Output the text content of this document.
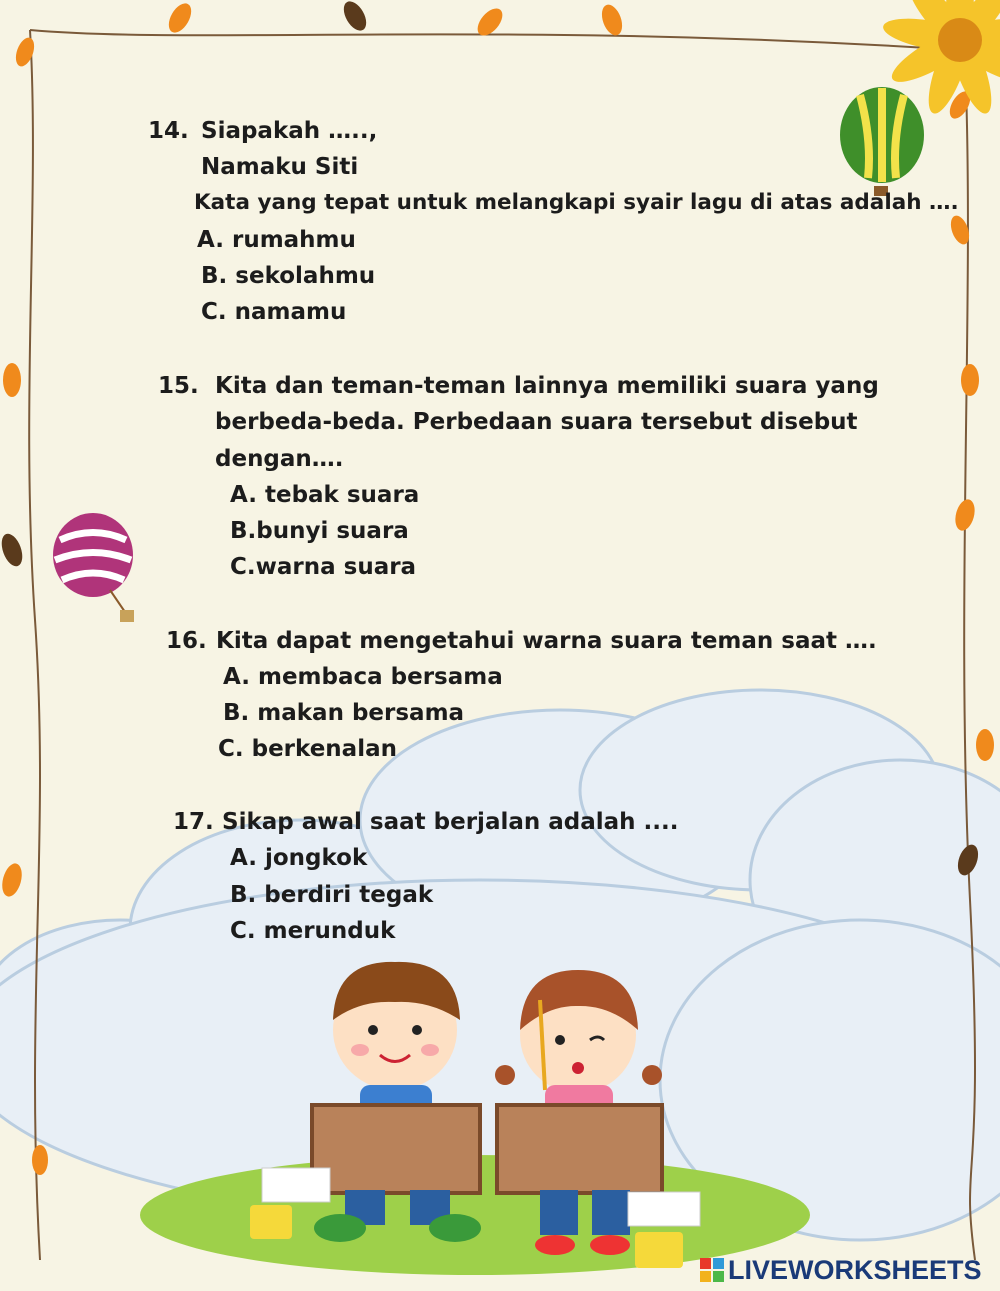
14. Siapakah …..,

Namaku Siti

Kata yang tepat untuk melangkapi syair lagu di atas adalah ….

A. rumahmu

B. sekolahmu

C. namamu

15. Kita dan teman-teman lainnya memiliki suara yang

berbeda-beda. Perbedaan suara tersebut disebut

dengan….

A. tebak suara

B.bunyi suara

C.warna suara

16. Kita dapat mengetahui warna suara teman saat ….

A. membaca bersama

B. makan bersama

C. berkenalan

17. Sikap awal saat berjalan adalah ....

A. jongkok

B. berdiri tegak

C. merunduk

LIVEWORKSHEETS
